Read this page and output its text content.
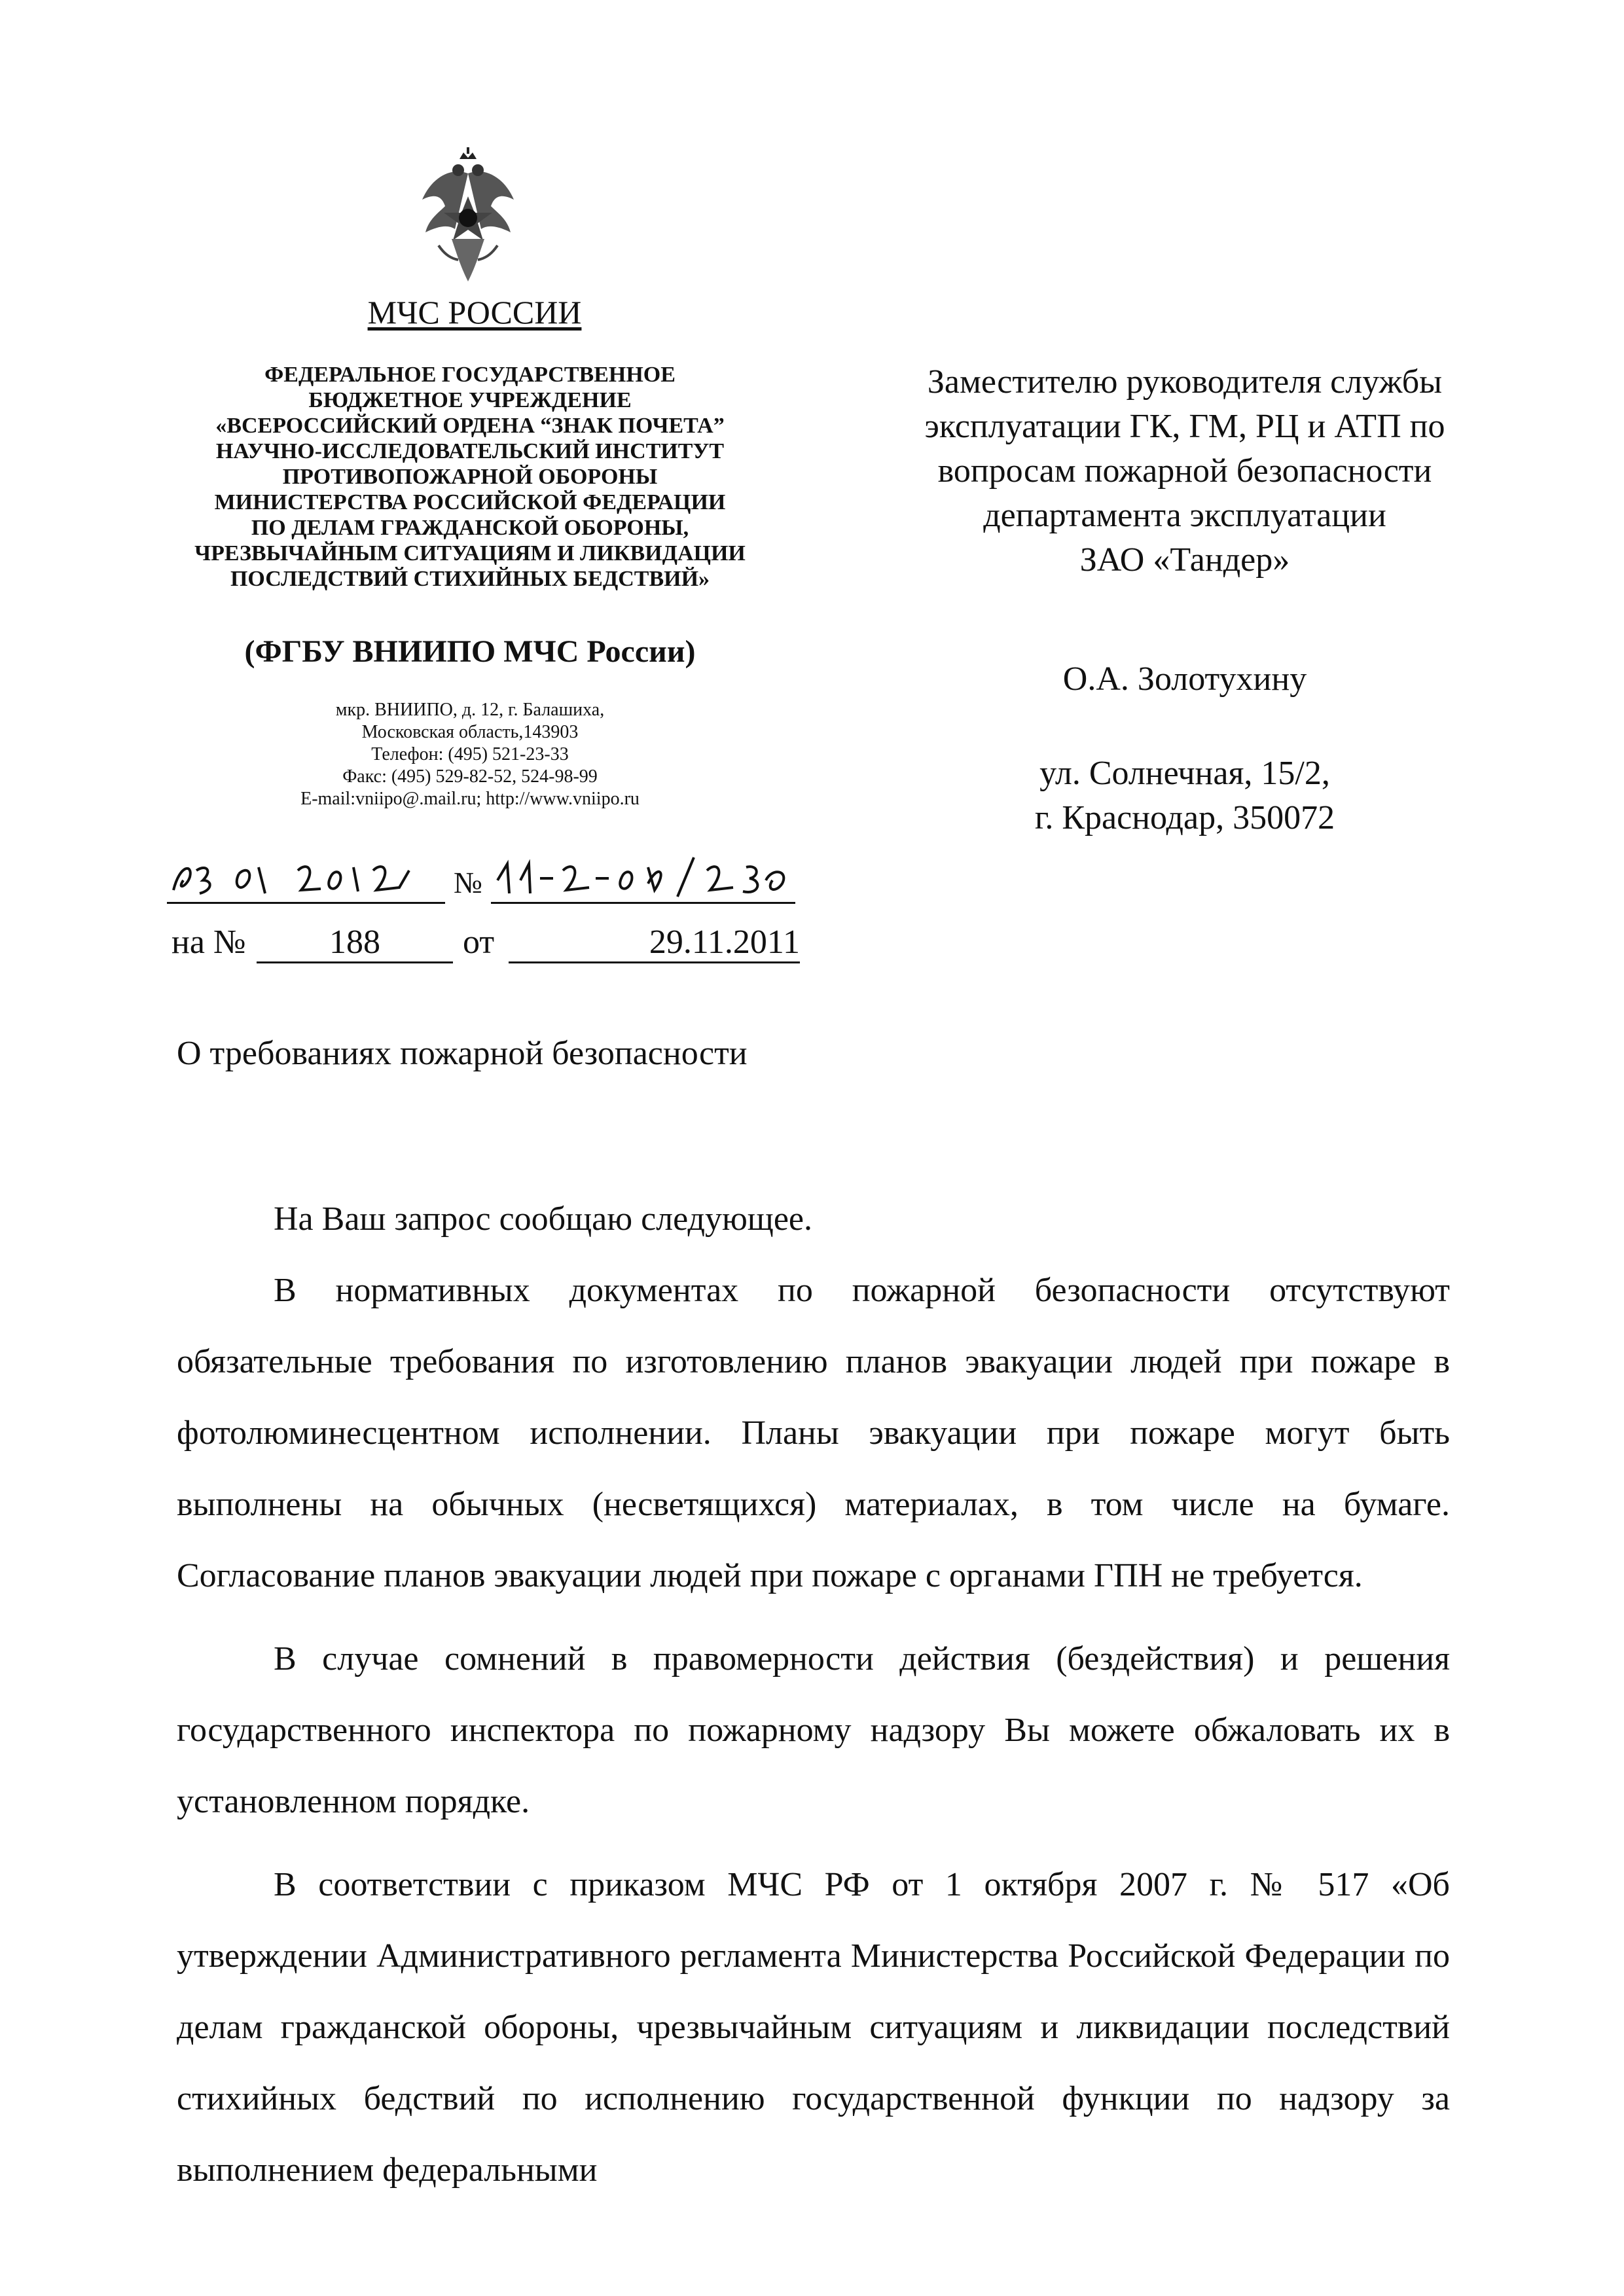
МЧС РОССИИ
ФЕДЕРАЛЬНОЕ ГОСУДАРСТВЕННОЕ
БЮДЖЕТНОЕ УЧРЕЖДЕНИЕ
«ВСЕРОССИЙСКИЙ ОРДЕНА “ЗНАК ПОЧЕТА”
НАУЧНО-ИССЛЕДОВАТЕЛЬСКИЙ ИНСТИТУТ
ПРОТИВОПОЖАРНОЙ ОБОРОНЫ
МИНИСТЕРСТВА РОССИЙСКОЙ ФЕДЕРАЦИИ
ПО ДЕЛАМ ГРАЖДАНСКОЙ ОБОРОНЫ,
ЧРЕЗВЫЧАЙНЫМ СИТУАЦИЯМ И ЛИКВИДАЦИИ
ПОСЛЕДСТВИЙ СТИХИЙНЫХ БЕДСТВИЙ»
(ФГБУ ВНИИПО МЧС России)
мкр. ВНИИПО, д. 12, г. Балашиха,
Московская область,143903
Телефон: (495) 521-23-33
Факс: (495) 529-82-52, 524-98-99
E-mail:vniipo@.mail.ru; http://www.vniipo.ru
№
на №	188	от	29.11.2011
Заместителю руководителя службы
эксплуатации ГК, ГМ, РЦ и АТП по
вопросам пожарной безопасности
департамента эксплуатации
ЗАО «Тандер»
О.А. Золотухину
ул. Солнечная, 15/2,
г. Краснодар, 350072
О требованиях пожарной безопасности

На Ваш запрос сообщаю следующее.

В нормативных документах по пожарной безопасности отсутствуют обязательные требования по изготовлению планов эвакуации людей при пожаре в фотолюминесцентном исполнении. Планы эвакуации при пожаре могут быть выполнены на обычных (несветящихся) материалах, в том числе на бумаге. Согласование планов эвакуации людей при пожаре с органами ГПН не требуется.

В случае сомнений в правомерности действия (бездействия) и решения государственного инспектора по пожарному надзору Вы можете обжаловать их в установленном порядке.

В соответствии с приказом МЧС РФ от 1 октября 2007 г. № 517 «Об утверждении Административного регламента Министерства Российской Федерации по делам гражданской обороны, чрезвычайным ситуациям и ликвидации последствий стихийных бедствий по исполнению государственной функции по надзору за выполнением федеральными
